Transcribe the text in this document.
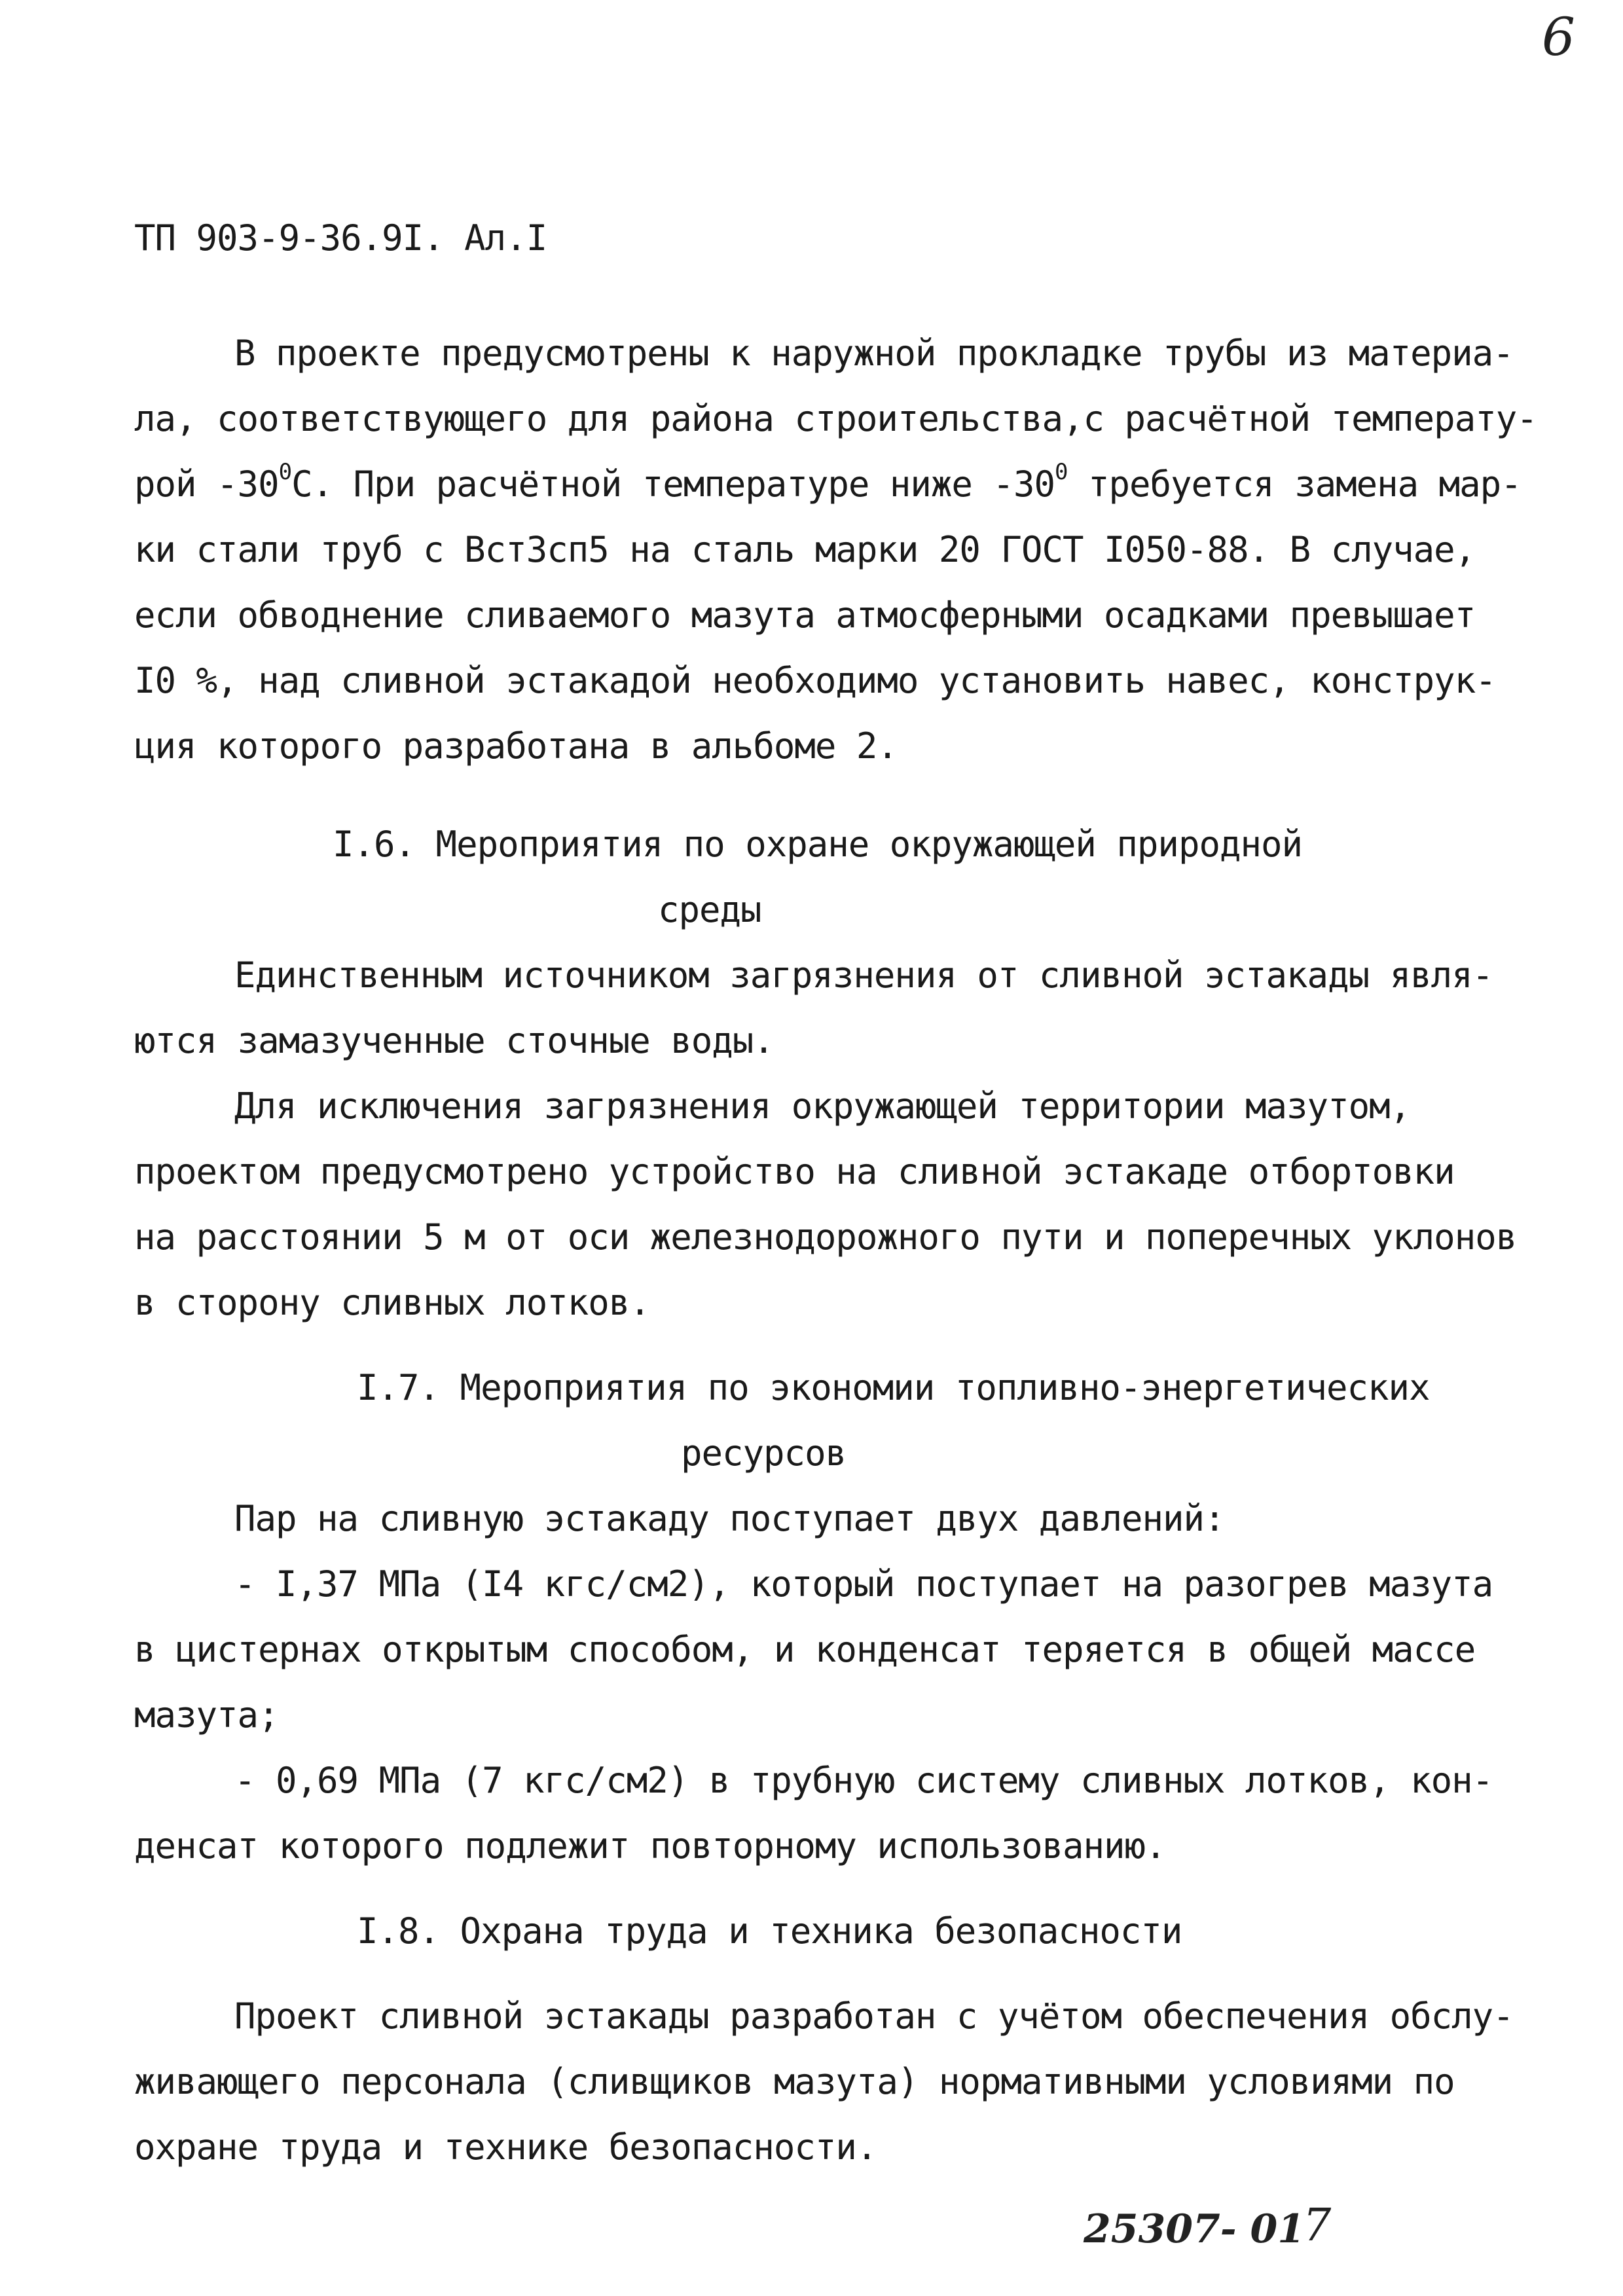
6
ТП 903-9-36.9I. Ал.I
В проекте предусмотрены к наружной прокладке трубы из материа-
ла, соответствующего для района строительства,с расчётной температу-
рой $-30^0С$. При расчётной температуре ниже $-30^0$ требуется замена мар-
ки стали труб с ВстЗсп5 на сталь марки 20 ГОСТ I050-88. В случае,
если обводнение сливаемого мазута атмосферными осадками превышает
I0 %, над сливной эстакадой необходимо установить навес, конструк-
ция которого разработана в альбоме 2.
I.6. Мероприятия по охране окружающей природной
среды
Единственным источником загрязнения от сливной эстакады явля-
ются замазученные сточные воды.
Для исключения загрязнения окружающей территории мазутом,
проектом предусмотрено устройство на сливной эстакаде отбортовки
на расстоянии 5 м от оси железнодорожного пути и поперечных уклонов
в сторону сливных лотков.
I.7. Мероприятия по экономии топливно-энергетических
ресурсов
Пар на сливную эстакаду поступает двух давлений:
- I,37 МПа (I4 кгс/см2), который поступает на разогрев мазута
в цистернах открытым способом, и конденсат теряется в общей массе
мазута;
- 0,69 МПа (7 кгс/см2) в трубную систему сливных лотков, кон-
денсат которого подлежит повторному использованию.
I.8. Охрана труда и техника безопасности
Проект сливной эстакады разработан с учётом обеспечения обслу-
живающего персонала (сливщиков мазута) нормативными условиями по
охране труда и технике безопасности.
25307- 01
7
